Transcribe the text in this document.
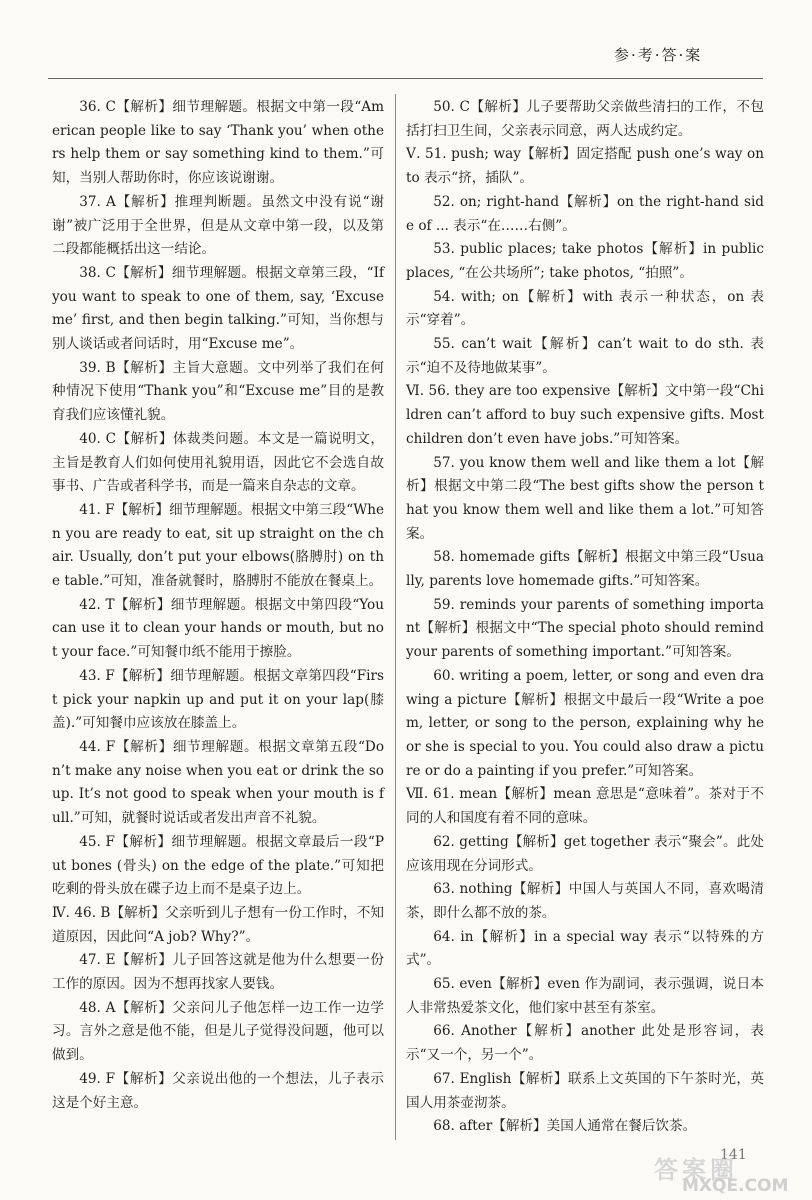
参·考·答·案

36. C【解析】细节理解题。根据文中第一段“American people like to say ‘Thank you’ when others help them or say something kind to them.”可知，当别人帮助你时，你应该说谢谢。

37. A【解析】推理判断题。虽然文中没有说“谢谢”被广泛用于全世界，但是从文章中第一段，以及第二段都能概括出这一结论。

38. C【解析】细节理解题。根据文章第三段，“If you want to speak to one of them, say, ‘Excuse me’ first, and then begin talking.”可知，当你想与别人谈话或者问话时，用“Excuse me”。

39. B【解析】主旨大意题。文中列举了我们在何种情况下使用“Thank you”和“Excuse me”目的是教育我们应该懂礼貌。

40. C【解析】体裁类问题。本文是一篇说明文，主旨是教育人们如何使用礼貌用语，因此它不会选自故事书、广告或者科学书，而是一篇来自杂志的文章。

41. F【解析】细节理解题。根据文中第三段“When you are ready to eat, sit up straight on the chair. Usually, don’t put your elbows(胳膊肘) on the table.”可知，准备就餐时，胳膊肘不能放在餐桌上。

42. T【解析】细节理解题。根据文中第四段“You can use it to clean your hands or mouth, but not your face.”可知餐巾纸不能用于擦脸。

43. F【解析】细节理解题。根据文章第四段“First pick your napkin up and put it on your lap(膝盖).”可知餐巾应该放在膝盖上。

44. F【解析】细节理解题。根据文章第五段“Don’t make any noise when you eat or drink the soup. It’s not good to speak when your mouth is full.”可知，就餐时说话或者发出声音不礼貌。

45. F【解析】细节理解题。根据文章最后一段“Put bones (骨头) on the edge of the plate.”可知把吃剩的骨头放在碟子边上而不是桌子边上。

Ⅳ. 46. B【解析】父亲听到儿子想有一份工作时，不知道原因，因此问“A job? Why?”。

47. E【解析】儿子回答这就是他为什么想要一份工作的原因。因为不想再找家人要钱。

48. A【解析】父亲问儿子他怎样一边工作一边学习。言外之意是他不能，但是儿子觉得没问题，他可以做到。

49. F【解析】父亲说出他的一个想法，儿子表示这是个好主意。

50. C【解析】儿子要帮助父亲做些清扫的工作，不包括打扫卫生间，父亲表示同意，两人达成约定。

Ⅴ. 51. push; way【解析】固定搭配 push one’s way onto 表示“挤，插队”。

52. on; right-hand【解析】on the right-hand side of ... 表示“在……右侧”。

53. public places; take photos【解析】in public places, “在公共场所”; take photos, “拍照”。

54. with; on【解析】with 表示一种状态，on 表示“穿着”。

55. can’t wait【解析】can’t wait to do sth. 表示“迫不及待地做某事”。

Ⅵ. 56. they are too expensive【解析】文中第一段“Children can’t afford to buy such expensive gifts. Most children don’t even have jobs.”可知答案。

57. you know them well and like them a lot【解析】根据文中第二段“The best gifts show the person that you know them well and like them a lot.”可知答案。

58. homemade gifts【解析】根据文中第三段“Usually, parents love homemade gifts.”可知答案。

59. reminds your parents of something important【解析】根据文中“The special photo should remind your parents of something important.”可知答案。

60. writing a poem, letter, or song and even drawing a picture【解析】根据文中最后一段“Write a poem, letter, or song to the person, explaining why he or she is special to you. You could also draw a picture or do a painting if you prefer.”可知答案。

Ⅶ. 61. mean【解析】mean 意思是“意味着”。茶对于不同的人和国度有着不同的意味。

62. getting【解析】get together 表示“聚会”。此处应该用现在分词形式。

63. nothing【解析】中国人与英国人不同，喜欢喝清茶，即什么都不放的茶。

64. in【解析】in a special way 表示“以特殊的方式”。

65. even【解析】even 作为副词，表示强调，说日本人非常热爱茶文化，他们家中甚至有茶室。

66. Another【解析】another 此处是形容词，表示“又一个，另一个”。

67. English【解析】联系上文英国的下午茶时光，英国人用茶壶沏茶。

68. after【解析】美国人通常在餐后饮茶。

141
答案圈
MXQE.COM
